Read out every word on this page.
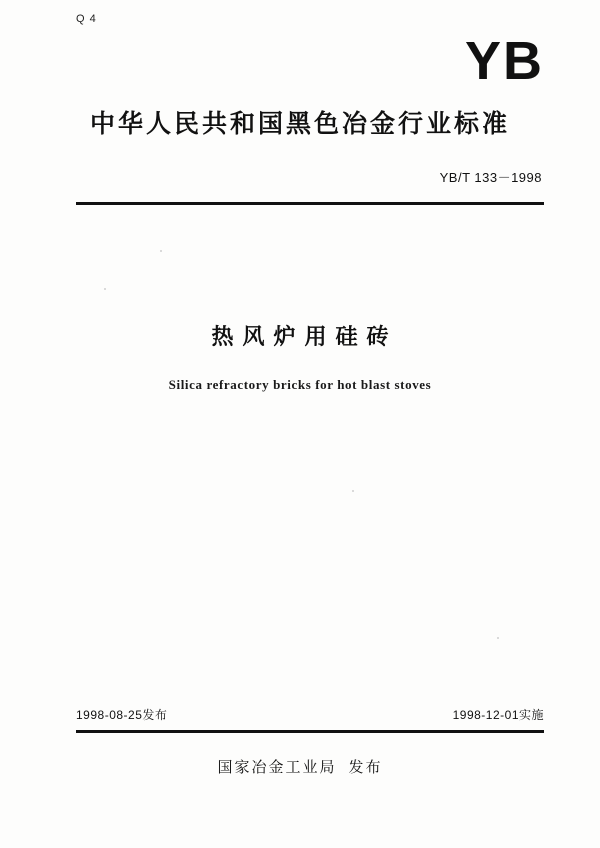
Q 4
YB
中华人民共和国黑色冶金行业标准
YB/T 133－1998
热风炉用硅砖
Silica refractory bricks for hot blast stoves
1998-08-25发布	1998-12-01实施
国家冶金工业局 发布
